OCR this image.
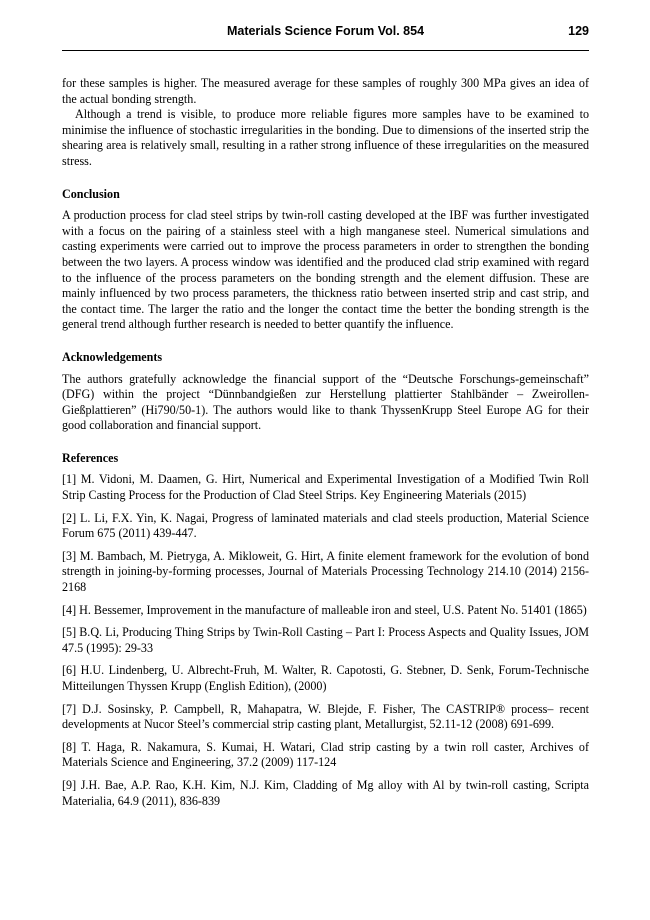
Materials Science Forum Vol. 854	129

for these samples is higher. The measured average for these samples of roughly 300 MPa gives an idea of the actual bonding strength.

Although a trend is visible, to produce more reliable figures more samples have to be examined to minimise the influence of stochastic irregularities in the bonding. Due to dimensions of the inserted strip the shearing area is relatively small, resulting in a rather strong influence of these irregularities on the measured stress.

Conclusion

A production process for clad steel strips by twin-roll casting developed at the IBF was further investigated with a focus on the pairing of a stainless steel with a high manganese steel. Numerical simulations and casting experiments were carried out to improve the process parameters in order to strengthen the bonding between the two layers. A process window was identified and the produced clad strip examined with regard to the influence of the process parameters on the bonding strength and the element diffusion. These are mainly influenced by two process parameters, the thickness ratio between inserted strip and cast strip, and the contact time. The larger the ratio and the longer the contact time the better the bonding strength is the general trend although further research is needed to better quantify the influence.

Acknowledgements

The authors gratefully acknowledge the financial support of the “Deutsche Forschungs-gemeinschaft” (DFG) within the project “Dünnbandgießen zur Herstellung plattierter Stahlbänder – Zweirollen-Gießplattieren” (Hi790/50-1). The authors would like to thank ThyssenKrupp Steel Europe AG for their good collaboration and financial support.

References
[1] M. Vidoni, M. Daamen, G. Hirt, Numerical and Experimental Investigation of a Modified Twin Roll Strip Casting Process for the Production of Clad Steel Strips. Key Engineering Materials (2015)
[2] L. Li, F.X. Yin, K. Nagai, Progress of laminated materials and clad steels production, Material Science Forum 675 (2011) 439-447.
[3] M. Bambach, M. Pietryga, A. Mikloweit, G. Hirt, A finite element framework for the evolution of bond strength in joining-by-forming processes, Journal of Materials Processing Technology 214.10 (2014) 2156-2168
[4] H. Bessemer, Improvement in the manufacture of malleable iron and steel, U.S. Patent No. 51401 (1865)
[5] B.Q. Li, Producing Thing Strips by Twin-Roll Casting – Part I: Process Aspects and Quality Issues, JOM 47.5 (1995): 29-33
[6] H.U. Lindenberg, U. Albrecht-Fruh, M. Walter, R. Capotosti, G. Stebner, D. Senk, Forum-Technische Mitteilungen Thyssen Krupp (English Edition), (2000)
[7] D.J. Sosinsky, P. Campbell, R, Mahapatra, W. Blejde, F. Fisher, The CASTRIP® process– recent developments at Nucor Steel’s commercial strip casting plant, Metallurgist, 52.11-12 (2008) 691-699.
[8] T. Haga, R. Nakamura, S. Kumai, H. Watari, Clad strip casting by a twin roll caster, Archives of Materials Science and Engineering, 37.2 (2009) 117-124
[9] J.H. Bae, A.P. Rao, K.H. Kim, N.J. Kim, Cladding of Mg alloy with Al by twin-roll casting, Scripta Materialia, 64.9 (2011), 836-839
